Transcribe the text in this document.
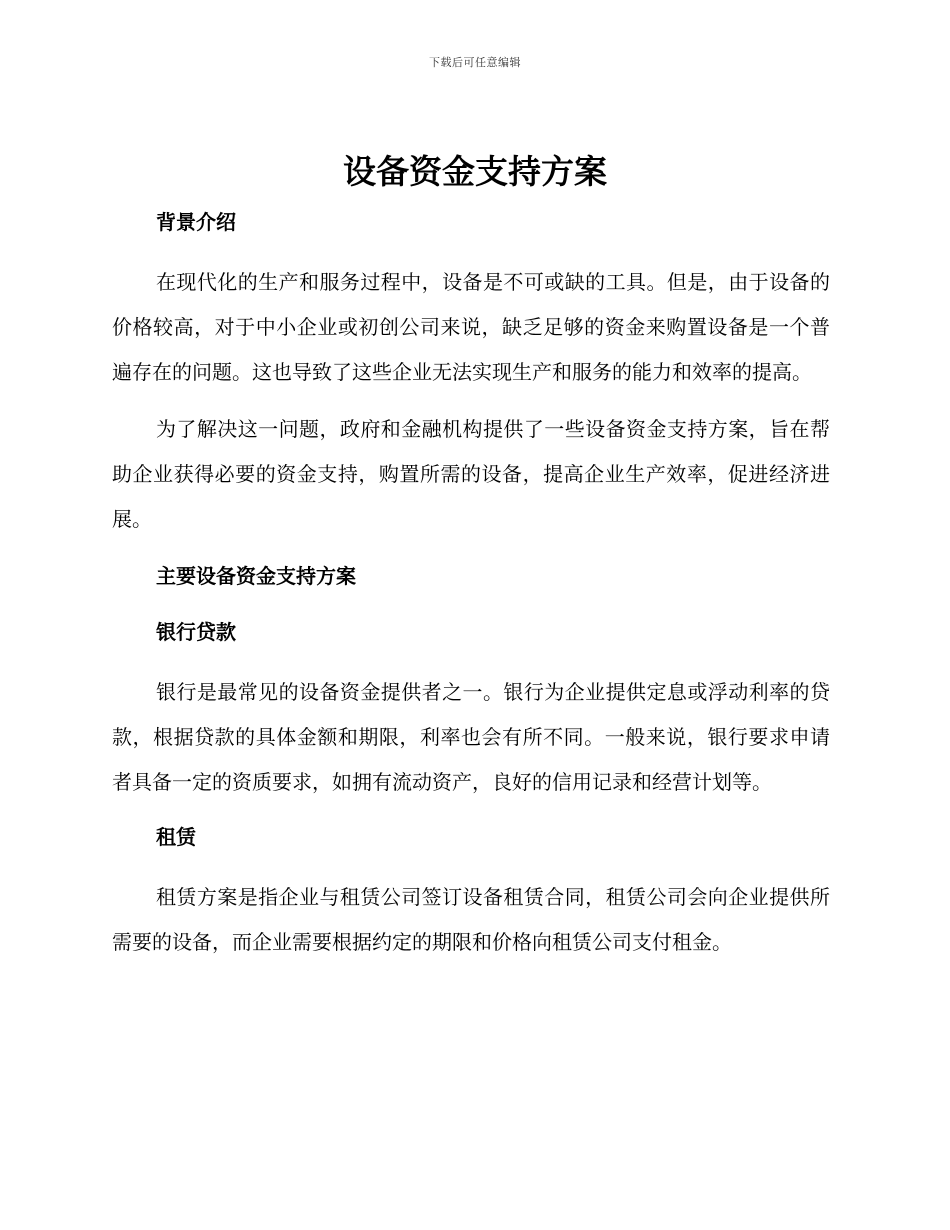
下载后可任意编辑
设备资金支持方案

背景介绍

在现代化的生产和服务过程中，设备是不可或缺的工具。但是，由于设备的价格较高，对于中小企业或初创公司来说，缺乏足够的资金来购置设备是一个普遍存在的问题。这也导致了这些企业无法实现生产和服务的能力和效率的提高。

为了解决这一问题，政府和金融机构提供了一些设备资金支持方案，旨在帮助企业获得必要的资金支持，购置所需的设备，提高企业生产效率，促进经济进展。

主要设备资金支持方案

银行贷款

银行是最常见的设备资金提供者之一。银行为企业提供定息或浮动利率的贷款，根据贷款的具体金额和期限，利率也会有所不同。一般来说，银行要求申请者具备一定的资质要求，如拥有流动资产，良好的信用记录和经营计划等。

租赁

租赁方案是指企业与租赁公司签订设备租赁合同，租赁公司会向企业提供所需要的设备，而企业需要根据约定的期限和价格向租赁公司支付租金。
